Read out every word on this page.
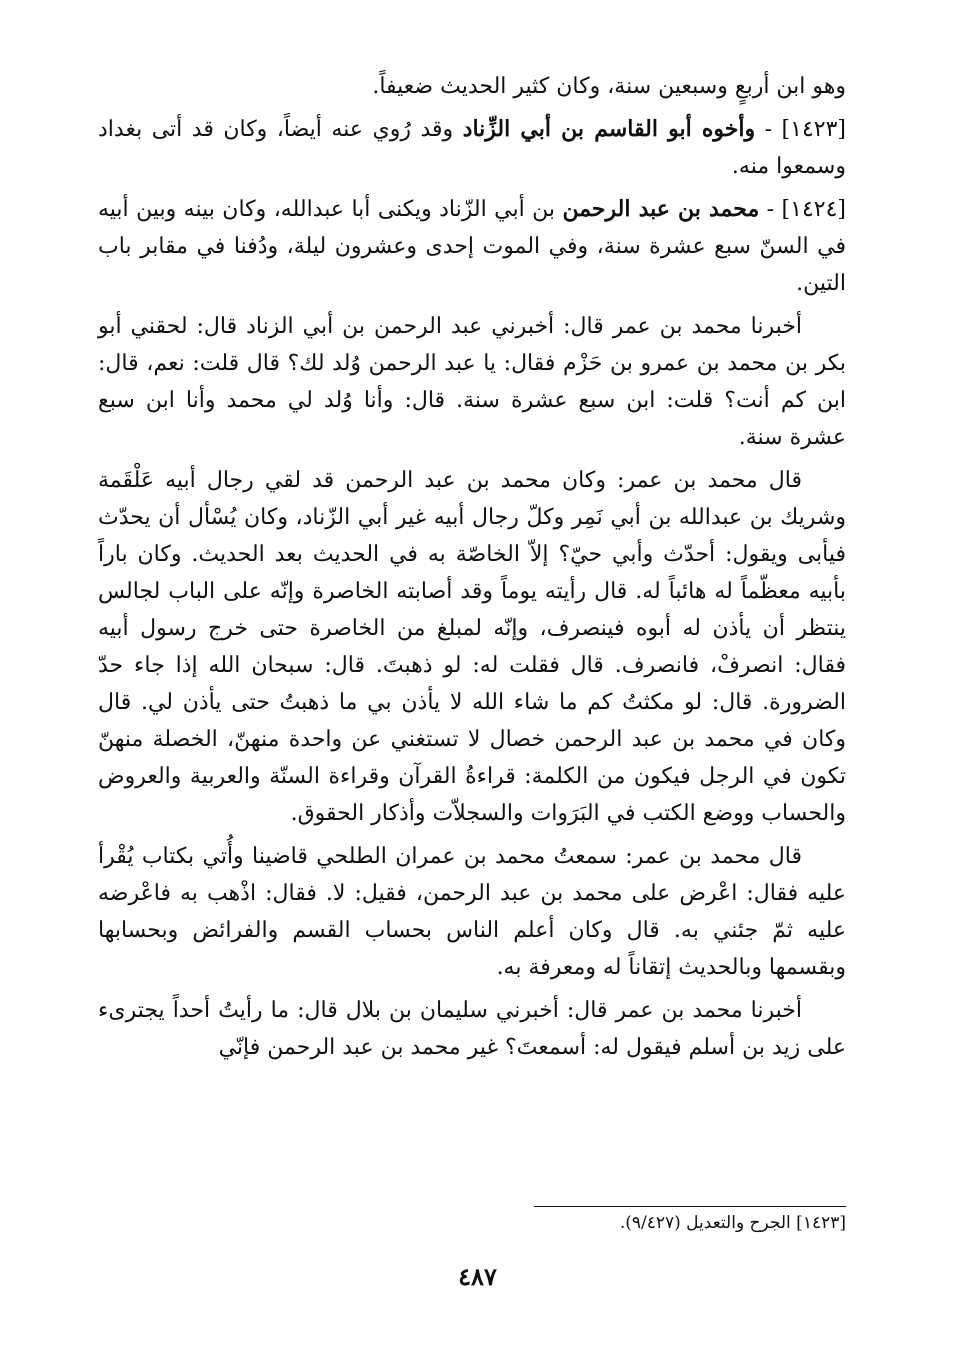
وهو ابن أربعٍ وسبعين سنة، وكان كثير الحديث ضعيفاً.

[١٤٢٣] - وأخوه أبو القاسم بن أبي الزِّناد وقد رُوي عنه أيضاً، وكان قد أتى بغداد وسمعوا منه.

[١٤٢٤] - محمد بن عبد الرحمن بن أبي الزّناد ويكنى أبا عبدالله، وكان بينه وبين أبيه في السنّ سبع عشرة سنة، وفي الموت إحدى وعشرون ليلة، ودُفنا في مقابر باب التين.

أخبرنا محمد بن عمر قال: أخبرني عبد الرحمن بن أبي الزناد قال: لحقني أبو بكر بن محمد بن عمرو بن حَزْم فقال: يا عبد الرحمن وُلد لك؟ قال قلت: نعم، قال: ابن كم أنت؟ قلت: ابن سبع عشرة سنة. قال: وأنا وُلد لي محمد وأنا ابن سبع عشرة سنة.

قال محمد بن عمر: وكان محمد بن عبد الرحمن قد لقي رجال أبيه عَلْقَمة وشريك بن عبدالله بن أبي نَمِر وكلّ رجال أبيه غير أبي الزّناد، وكان يُسْأل أن يحدّث فيأبى ويقول: أحدّث وأبي حيّ؟ إلاّ الخاصّة به في الحديث بعد الحديث. وكان باراً بأبيه معظّماً له هائباً له. قال رأيته يوماً وقد أصابته الخاصرة وإنّه على الباب لجالس ينتظر أن يأذن له أبوه فينصرف، وإنّه لمبلغ من الخاصرة حتى خرج رسول أبيه فقال: انصرفْ، فانصرف. قال فقلت له: لو ذهبتَ. قال: سبحان الله إذا جاء حدّ الضرورة. قال: لو مكثتُ كم ما شاء الله لا يأذن بي ما ذهبتُ حتى يأذن لي. قال وكان في محمد بن عبد الرحمن خصال لا تستغني عن واحدة منهنّ، الخصلة منهنّ تكون في الرجل فيكون من الكلمة: قراءةُ القرآن وقراءة السنّة والعربية والعروض والحساب ووضع الكتب في البَرَوات والسجلاّت وأذكار الحقوق.

قال محمد بن عمر: سمعتُ محمد بن عمران الطلحي قاضينا وأُتي بكتاب يُقْرأ عليه فقال: اعْرض على محمد بن عبد الرحمن، فقيل: لا. فقال: اذْهب به فاعْرضه عليه ثمّ جئني به. قال وكان أعلم الناس بحساب القسم والفرائض وبحسابها وبقسمها وبالحديث إتقاناً له ومعرفة به.

أخبرنا محمد بن عمر قال: أخبرني سليمان بن بلال قال: ما رأيتُ أحداً يجترىء على زيد بن أسلم فيقول له: أسمعتَ؟ غير محمد بن عبد الرحمن فإنّي

[١٤٢٣] الجرح والتعديل (٩/٤٢٧).
٤٨٧
